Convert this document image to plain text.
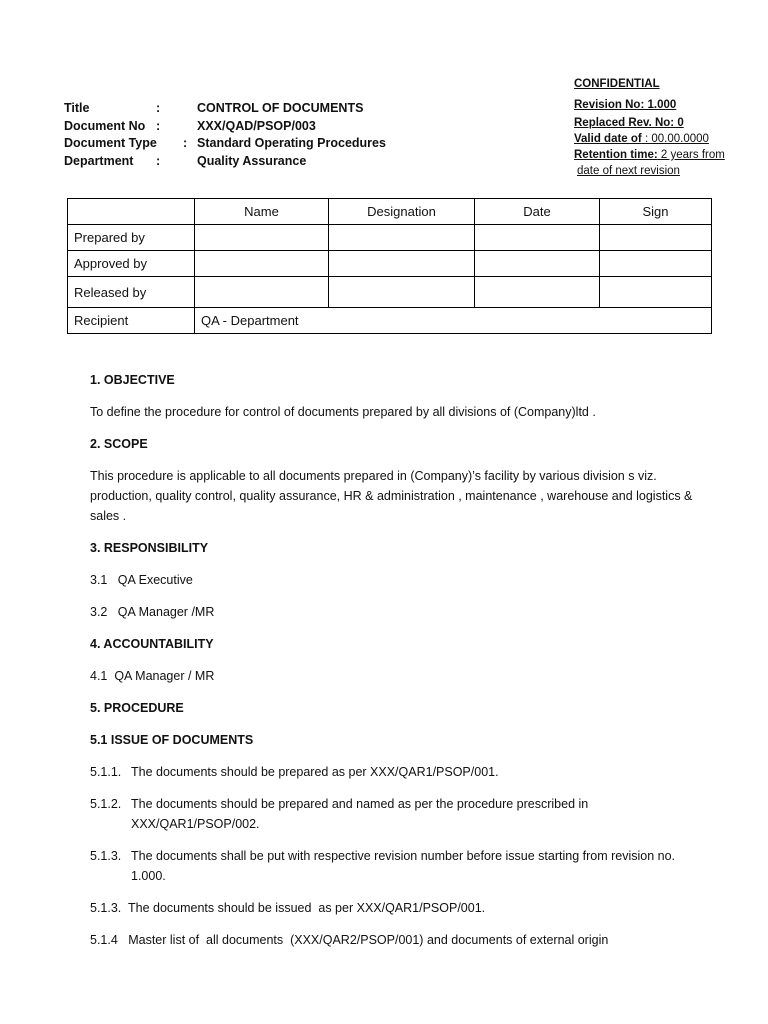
Title	:	CONTROL OF DOCUMENTS
Document No :	XXX/QAD/PSOP/003
Document Type	: Standard Operating Procedures
Department	:	Quality Assurance
CONFIDENTIAL
Revision No: 1.000
Replaced Rev. No: 0
Valid date of : 00.00.0000
Retention time: 2 years from
date of next revision
	Name	Designation	Date	Sign
Prepared by				
Approved by				
Released by				
Recipient	QA - Department			
1. OBJECTIVE
To define the procedure for control of documents prepared by all divisions of (Company)ltd .
2. SCOPE
This procedure is applicable to all documents prepared in (Company)’s facility by various division s viz. production, quality control, quality assurance, HR & administration , maintenance , warehouse and logistics & sales .
3. RESPONSIBILITY
3.1   QA Executive
3.2   QA Manager /MR
4. ACCOUNTABILITY
4.1  QA Manager / MR
5. PROCEDURE
5.1 ISSUE OF DOCUMENTS
5.1.1. The documents should be prepared as per XXX/QAR1/PSOP/001.
5.1.2. The documents should be prepared and named as per the procedure prescribed in
XXX/QAR1/PSOP/002.
5.1.3. The documents shall be put with respective revision number before issue starting from revision no.
1.000.
5.1.3.  The documents should be issued  as per XXX/QAR1/PSOP/001.
5.1.4   Master list of  all documents  (XXX/QAR2/PSOP/001) and documents of external origin
